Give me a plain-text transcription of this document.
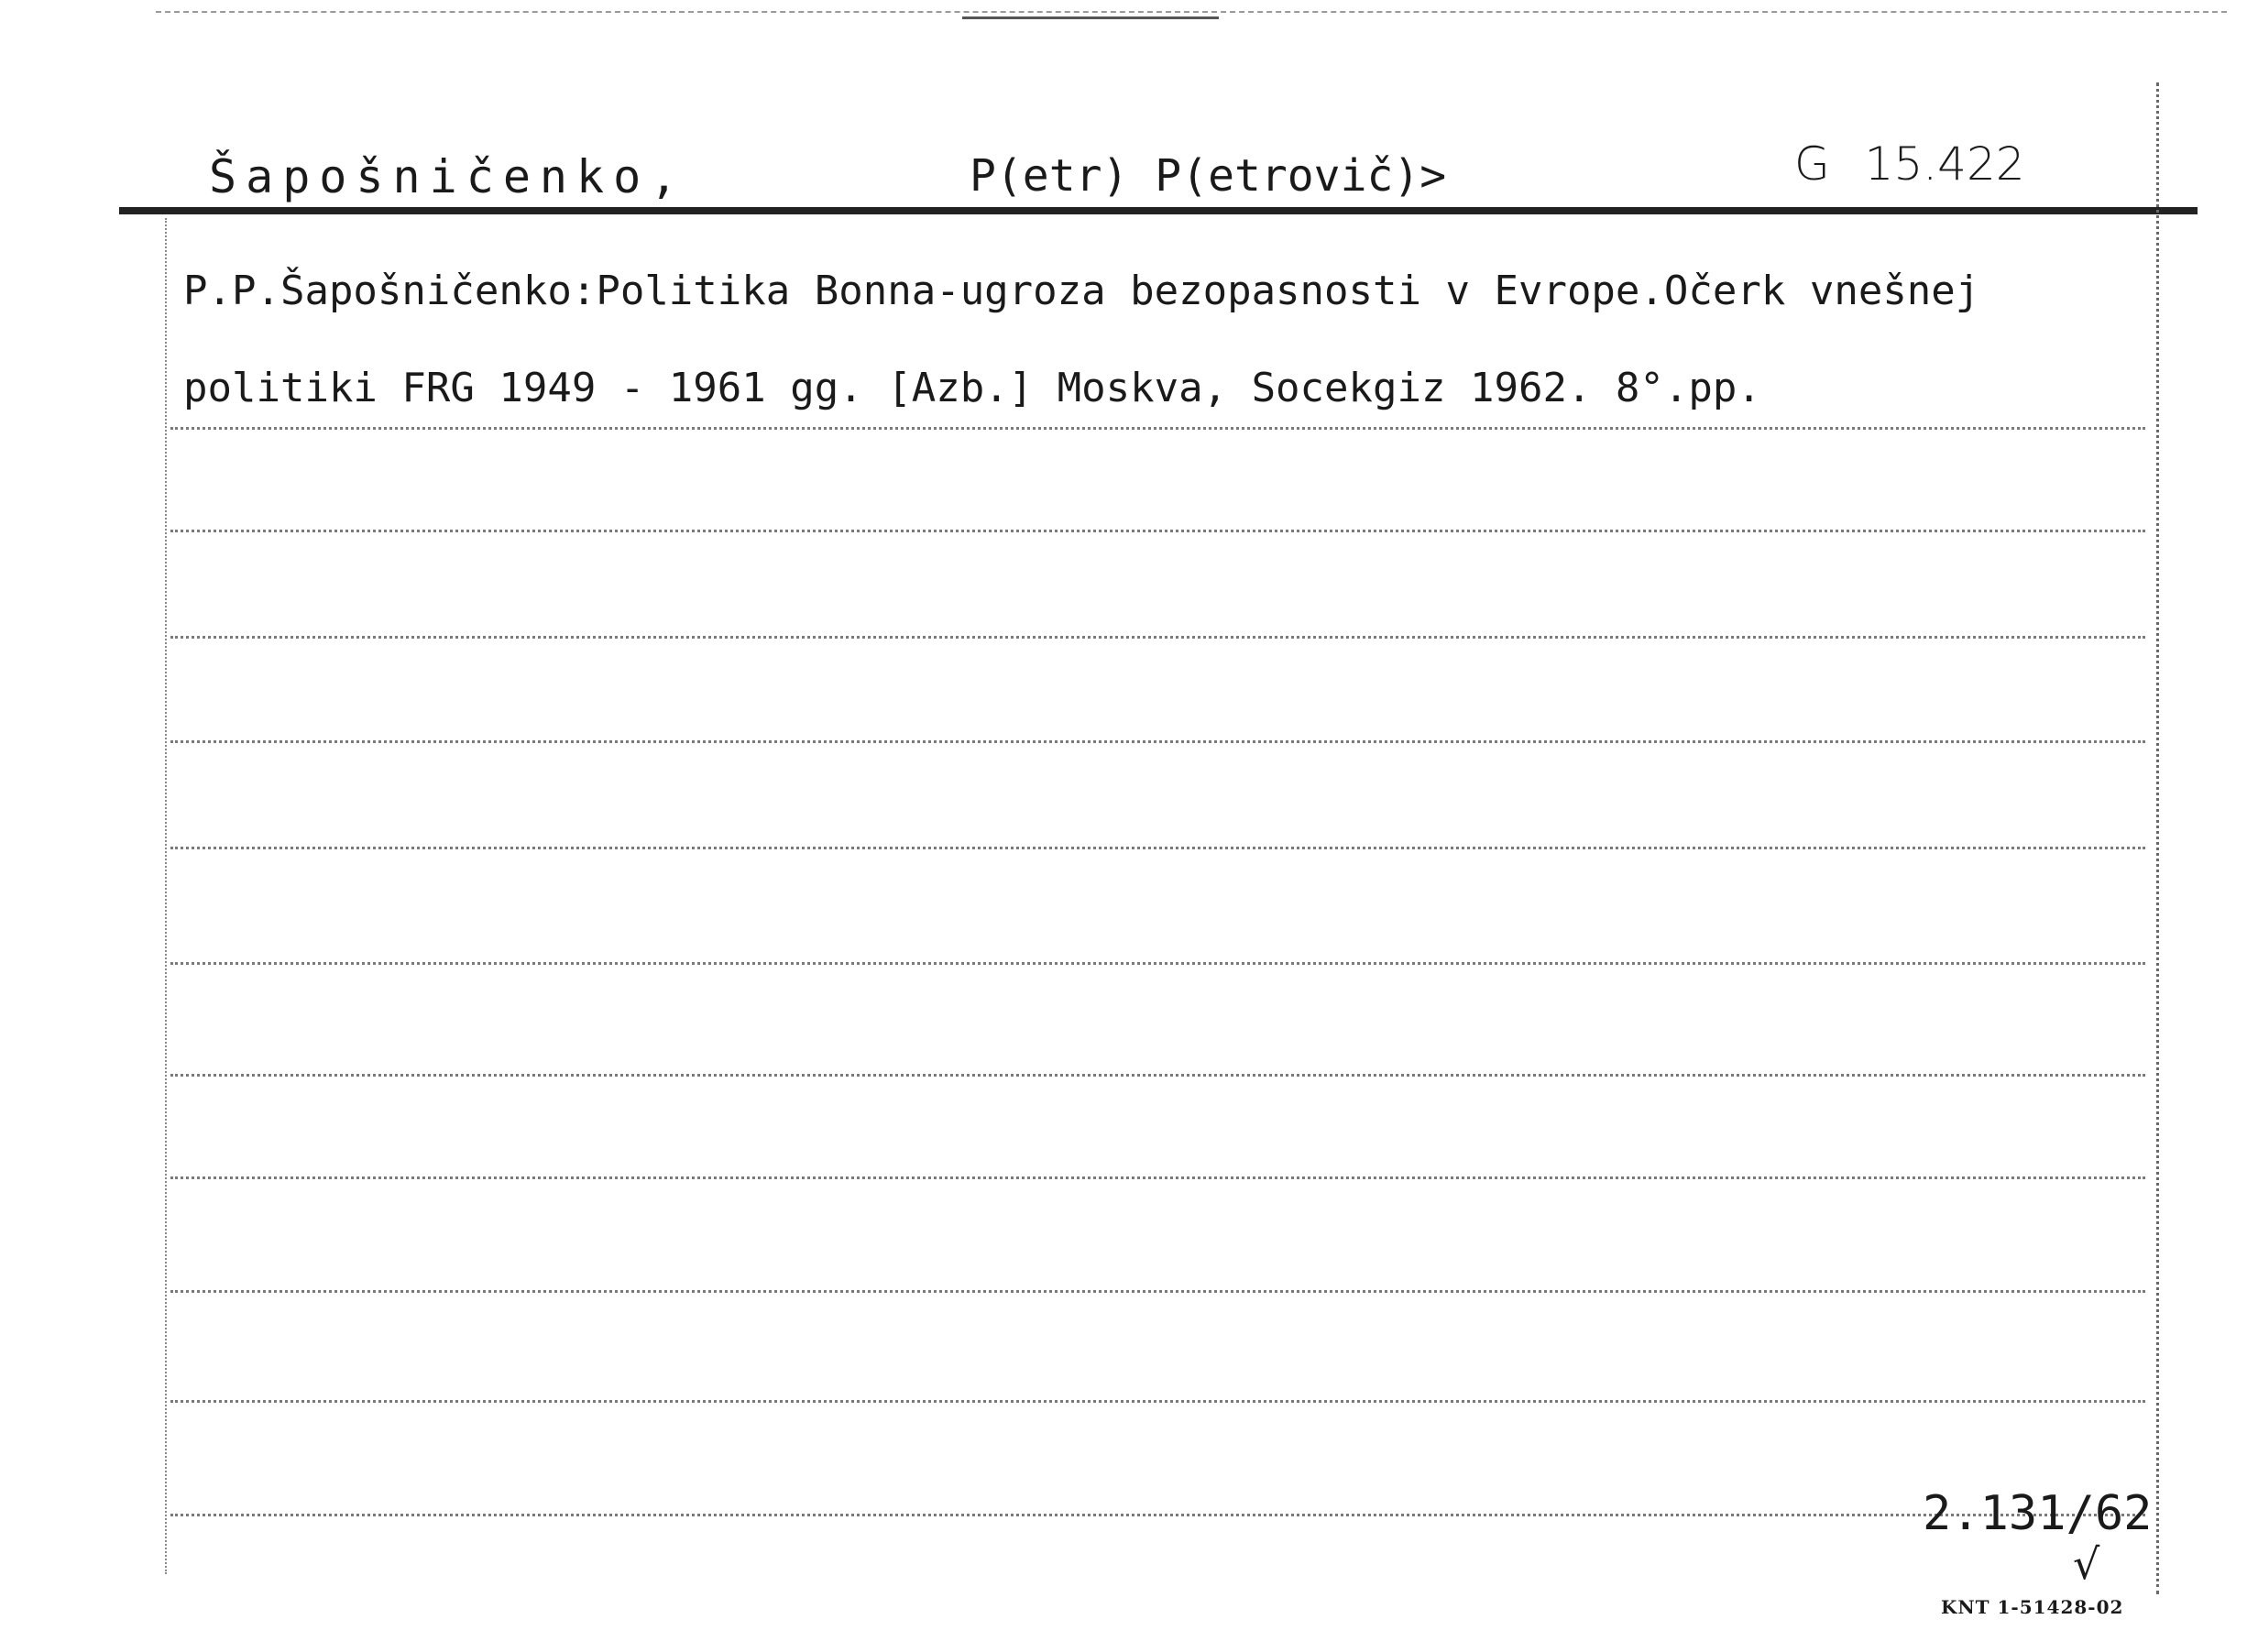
Šapošničenko,	P(etr) P(etrovič)>	G 15.422
P.P.Šapošničenko:Politika Bonna-ugroza bezopasnosti v Evrope.Očerk vnešnej
politiki FRG 1949 - 1961 gg. [Azb.] Moskva, Socekgiz 1962. 8°.pp.
2.131/62
√
KNT 1-51428-02
